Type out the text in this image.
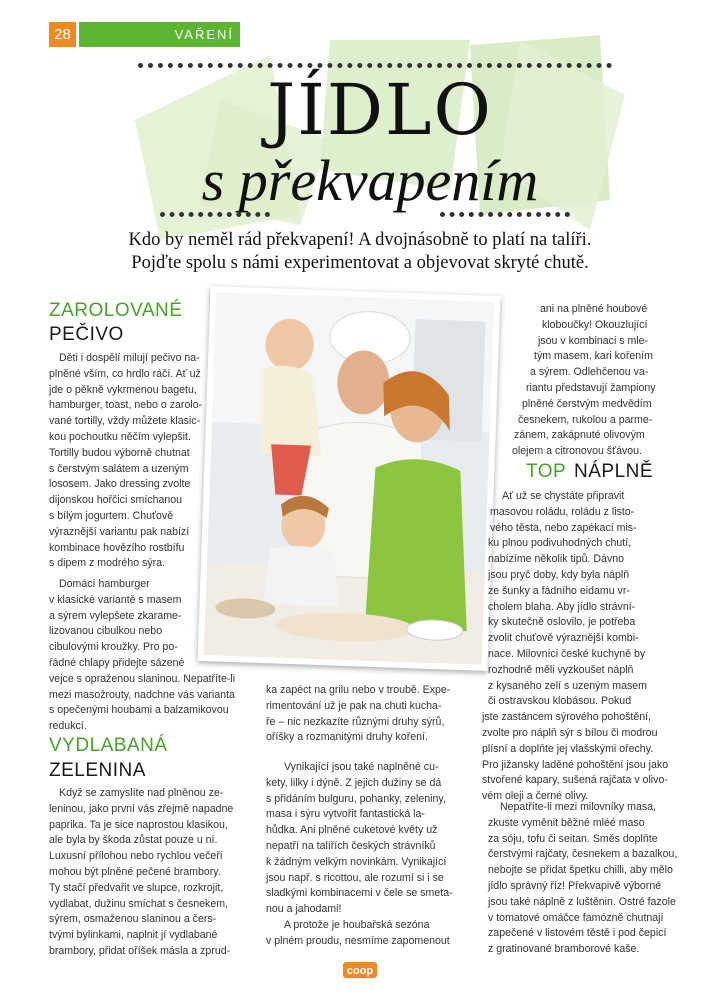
28	VAŘENÍ
JÍDLO
s překvapením
Kdo by neměl rád překvapení! A dvojnásobně to platí na talíři.
Pojďte spolu s námi experimentovat a objevovat skryté chutě.
ZAROLOVANÉ
PEČIVO
Děti i dospělí milují pečivo na-
plněné vším, co hrdlo ráčí. Ať už
jde o pěkně vykrmenou bagetu,
hamburger, toast, nebo o zarolo-
vané tortilly, vždy můžete klasic-
kou pochoutku něčím vylepšit.
Tortilly budou výborně chutnat
s čerstvým salátem a uzeným
lososem. Jako dressing zvolte
dijonskou hořčici smíchanou
s bílým jogurtem. Chuťově
výraznější variantu pak nabízí
kombinace hovězího rostbífu
s dipem z modrého sýra.
Domácí hamburger
v klasické variantě s masem
a sýrem vylepšete zkarame-
lizovanou cibulkou nebo
cibulovými kroužky. Pro po-
řádné chlapy přidejte sázené
vejce s opraženou slaninou. Nepatříte-li
mezi masožrouty, nadchne vás varianta
s opečenými houbami a balzamikovou
redukcí.
VYDLABANÁ
ZELENINA
Když se zamyslíte nad plněnou ze-
leninou, jako první vás zřejmě napadne
paprika. Ta je sice naprostou klasikou,
ale byla by škoda zůstat pouze u ní.
Luxusní přílohou nebo rychlou večeří
mohou být plněné pečené brambory.
Ty stačí předvařit ve slupce, rozkrojit,
vydlabat, dužinu smíchat s česnekem,
sýrem, osmaženou slaninou a čers-
tvými bylinkami, naplnit jí vydlabané
brambory, přidat oříšek másla a zprud-
ka zapéct na grilu nebo v troubě. Expe-
rimentování už je pak na chuti kucha-
ře – nic nezkazíte různými druhy sýrů,
oříšky a rozmanitými druhy koření.
Vynikající jsou také naplněné cu-
kety, lilky i dýně. Z jejich dužiny se dá
s přidáním bulguru, pohanky, zeleniny,
masa i sýru vytvořit fantastická la-
hůdka. Ani plněné cuketové květy už
nepatří na talířích českých strávníků
k žádným velkým novinkám. Vynikající
jsou např. s ricottou, ale rozumí si i se
sladkými kombinacemi v čele se smeta-
nou a jahodami!
A protože je houbařská sezóna
v plném proudu, nesmíme zapomenout
ani na plněné houbové
kloboučky! Okouzlující
jsou v kombinaci s mle-
tým masem, kari kořením
a sýrem. Odlehčenou va-
riantu představují žampiony
plněné čerstvým medvědím
česnekem, rukolou a parme-
zánem, zakápnuté olivovým
olejem a citronovou šťávou.
TOP NÁPLNĚ
Ať už se chystáte připravit
masovou roládu, roládu z listo-
vého těsta, nebo zapékací mis-
ku plnou podivuhodných chutí,
nabízíme několik tipů. Dávno
jsou pryč doby, kdy byla náplň
ze šunky a fádního eidamu vr-
cholem blaha. Aby jídlo strávní-
ky skutečně oslovilo, je potřeba
zvolit chuťově výraznější kombi-
nace. Milovníci české kuchyně by
rozhodně měli vyzkoušet náplň
z kysaného zelí s uzeným masem
či ostravskou klobásou. Pokud
jste zastáncem sýrového pohoštění,
zvolte pro náplň sýr s bílou či modrou
plísní a doplňte jej vlašskými ořechy.
Pro jižansky laděné pohoštění jsou jako
stvořené kapary, sušená rajčata v olivo-
vém oleji a černé olivy.
Nepatříte-li mezi milovníky masa,
zkuste vyměnit běžné mléé maso
za sóju, tofu či seitan. Směs doplňte
čerstvými rajčaty, česnekem a bazalkou,
nebojte se přidat špetku chilli, aby mělo
jídlo správný říz! Překvapivě výborné
jsou také náplně z luštěnin. Ostré fazole
v tomatové omáčce famózně chutnají
zapečené v listovém těstě i pod čepicí
z gratinované bramborové kaše.
coop
